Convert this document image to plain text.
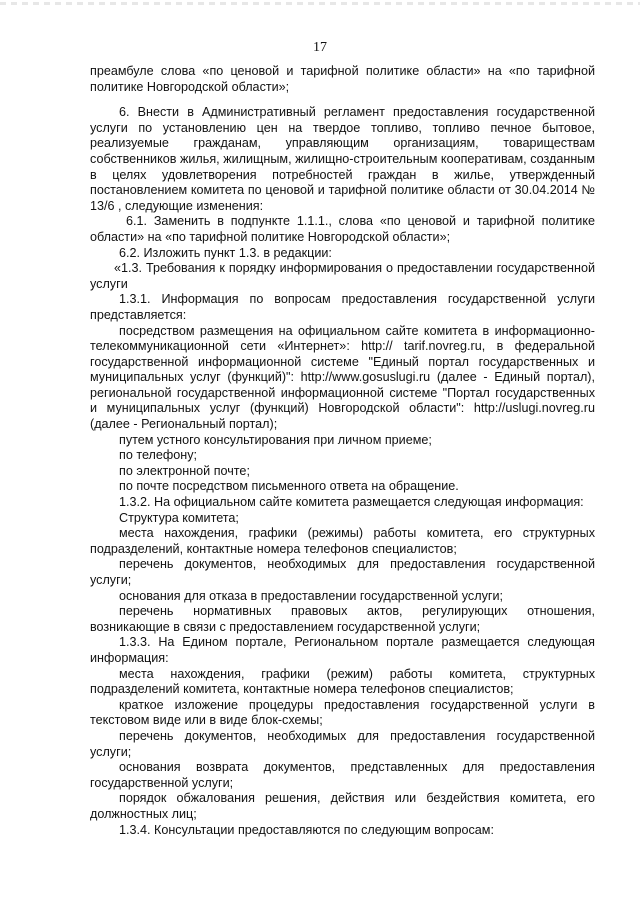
17

преамбуле слова «по ценовой и тарифной политике области» на «по тарифной политике Новгородской области»;

6. Внести в Административный регламент предоставления государственной услуги по установлению цен на твердое топливо, топливо печное бытовое, реализуемые гражданам, управляющим организациям, товариществам собственников жилья, жилищным, жилищно-строительным кооперативам, созданным в целях удовлетворения потребностей граждан в жилье, утвержденный постановлением комитета по ценовой и тарифной политике области от 30.04.2014 № 13/6 , следующие изменения:

6.1. Заменить в подпункте 1.1.1., слова «по ценовой и тарифной политике области» на «по тарифной политике Новгородской области»;

6.2. Изложить пункт 1.3. в редакции:

«1.3. Требования к порядку информирования о предоставлении государственной услуги

1.3.1. Информация по вопросам предоставления государственной услуги представляется:

посредством размещения на официальном сайте комитета в информационно-телекоммуникационной сети «Интернет»: http:// tarif.novreg.ru, в федеральной государственной информационной системе "Единый портал государственных и муниципальных услуг (функций)": http://www.gosuslugi.ru (далее - Единый портал), региональной государственной информационной системе "Портал государственных и муниципальных услуг (функций) Новгородской области": http://uslugi.novreg.ru (далее - Региональный портал);

путем устного консультирования при личном приеме;

по телефону;

по электронной почте;

по почте посредством письменного ответа на обращение.

1.3.2. На официальном сайте комитета размещается следующая информация:

Структура комитета;

места нахождения, графики (режимы) работы комитета, его структурных подразделений, контактные номера телефонов специалистов;

перечень документов, необходимых для предоставления государственной услуги;

основания для отказа в предоставлении государственной услуги;

перечень нормативных правовых актов, регулирующих отношения, возникающие в связи с предоставлением государственной услуги;

1.3.3. На Едином портале, Региональном портале размещается следующая информация:

места нахождения, графики (режим) работы комитета, структурных подразделений комитета, контактные номера телефонов специалистов;

краткое изложение процедуры предоставления государственной услуги в текстовом виде или в виде блок-схемы;

перечень документов, необходимых для предоставления государственной услуги;

основания возврата документов, представленных для предоставления государственной услуги;

порядок обжалования решения, действия или бездействия комитета, его должностных лиц;

1.3.4. Консультации предоставляются по следующим вопросам:
